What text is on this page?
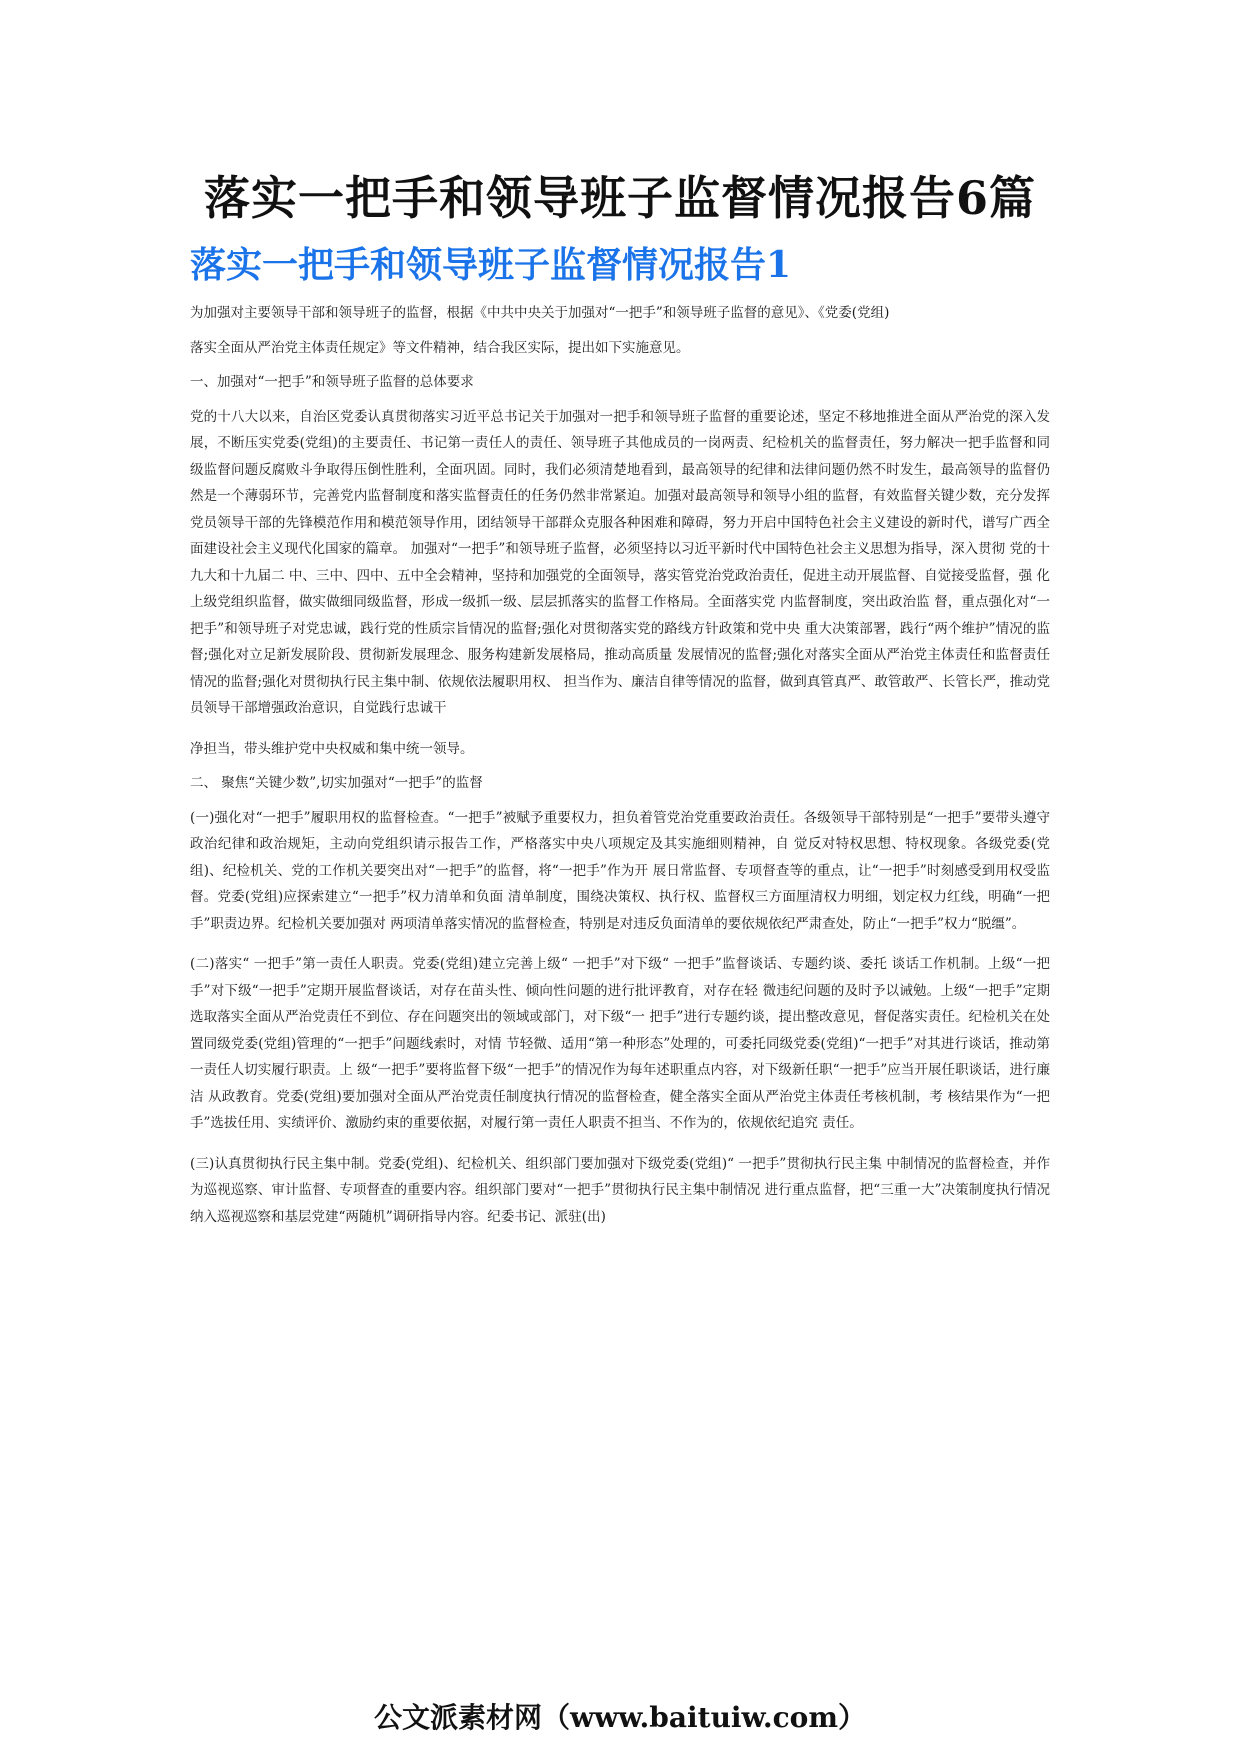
落实一把手和领导班子监督情况报告6篇
落实一把手和领导班子监督情况报告1

为加强对主要领导干部和领导班子的监督，根据《中共中央关于加强对“一把手”和领导班子监督的意见》、《党委(党组)

落实全面从严治党主体责任规定》等文件精神，结合我区实际，提出如下实施意见。

一、加强对“一把手”和领导班子监督的总体要求

党的十八大以来，自治区党委认真贯彻落实习近平总书记关于加强对一把手和领导班子监督的重要论述，坚定不移地推进全面从严治党的深入发展，不断压实党委(党组)的主要责任、书记第一责任人的责任、领导班子其他成员的一岗两责、纪检机关的监督责任，努力解决一把手监督和同级监督问题反腐败斗争取得压倒性胜利，全面巩固。同时，我们必须清楚地看到，最高领导的纪律和法律问题仍然不时发生，最高领导的监督仍然是一个薄弱环节，完善党内监督制度和落实监督责任的任务仍然非常紧迫。加强对最高领导和领导小组的监督，有效监督关键少数，充分发挥党员领导干部的先锋模范作用和模范领导作用，团结领导干部群众克服各种困难和障碍，努力开启中国特色社会主义建设的新时代，谱写广西全面建设社会主义现代化国家的篇章。 加强对“一把手”和领导班子监督，必须坚持以习近平新时代中国特色社会主义思想为指导，深入贯彻 党的十九大和十九届二 中、三中、四中、五中全会精神，坚持和加强党的全面领导，落实管党治党政治责任，促进主动开展监督、自觉接受监督，强 化上级党组织监督，做实做细同级监督，形成一级抓一级、层层抓落实的监督工作格局。全面落实党 内监督制度，突出政治监 督，重点强化对“一把手”和领导班子对党忠诚，践行党的性质宗旨情况的监督;强化对贯彻落实党的路线方针政策和党中央 重大决策部署，践行“两个维护”情况的监督;强化对立足新发展阶段、贯彻新发展理念、服务构建新发展格局，推动高质量 发展情况的监督;强化对落实全面从严治党主体责任和监督责任情况的监督;强化对贯彻执行民主集中制、依规依法履职用权、 担当作为、廉洁自律等情况的监督，做到真管真严、敢管敢严、长管长严，推动党员领导干部增强政治意识，自觉践行忠诚干

净担当，带头维护党中央权威和集中统一领导。

二、 聚焦“关键少数”,切实加强对“一把手”的监督

(一)强化对“一把手”履职用权的监督检查。“一把手”被赋予重要权力，担负着管党治党重要政治责任。各级领导干部特别是“一把手”要带头遵守政治纪律和政治规矩，主动向党组织请示报告工作，严格落实中央八项规定及其实施细则精神，自 觉反对特权思想、特权现象。各级党委(党组)、纪检机关、党的工作机关要突出对“一把手”的监督，将“一把手”作为开 展日常监督、专项督查等的重点，让“一把手”时刻感受到用权受监督。党委(党组)应探索建立“一把手”权力清单和负面 清单制度，围绕决策权、执行权、监督权三方面厘清权力明细，划定权力红线，明确“一把手”职责边界。纪检机关要加强对 两项清单落实情况的监督检查，特别是对违反负面清单的要依规依纪严肃查处，防止“一把手”权力“脱缰”。

(二)落实“ 一把手”第一责任人职责。党委(党组)建立完善上级“ 一把手”对下级“ 一把手”监督谈话、专题约谈、委托 谈话工作机制。上级“一把手”对下级“一把手”定期开展监督谈话，对存在苗头性、倾向性问题的进行批评教育，对存在轻 微违纪问题的及时予以诫勉。上级“一把手”定期选取落实全面从严治党责任不到位、存在问题突出的领域或部门，对下级“一 把手”进行专题约谈，提出整改意见，督促落实责任。纪检机关在处置同级党委(党组)管理的“一把手”问题线索时，对情 节轻微、适用“第一种形态”处理的，可委托同级党委(党组)“一把手”对其进行谈话，推动第一责任人切实履行职责。上 级“一把手”要将监督下级“一把手”的情况作为每年述职重点内容，对下级新任职“一把手”应当开展任职谈话，进行廉洁 从政教育。党委(党组)要加强对全面从严治党责任制度执行情况的监督检查，健全落实全面从严治党主体责任考核机制，考 核结果作为“一把手”选拔任用、实绩评价、激励约束的重要依据，对履行第一责任人职责不担当、不作为的，依规依纪追究 责任。

(三)认真贯彻执行民主集中制。党委(党组)、纪检机关、组织部门要加强对下级党委(党组)“ 一把手”贯彻执行民主集 中制情况的监督检查，并作为巡视巡察、审计监督、专项督查的重要内容。组织部门要对“一把手”贯彻执行民主集中制情况 进行重点监督，把“三重一大”决策制度执行情况纳入巡视巡察和基层党建“两随机”调研指导内容。纪委书记、派驻(出)

公文派素材网（www.baituiw.com）
